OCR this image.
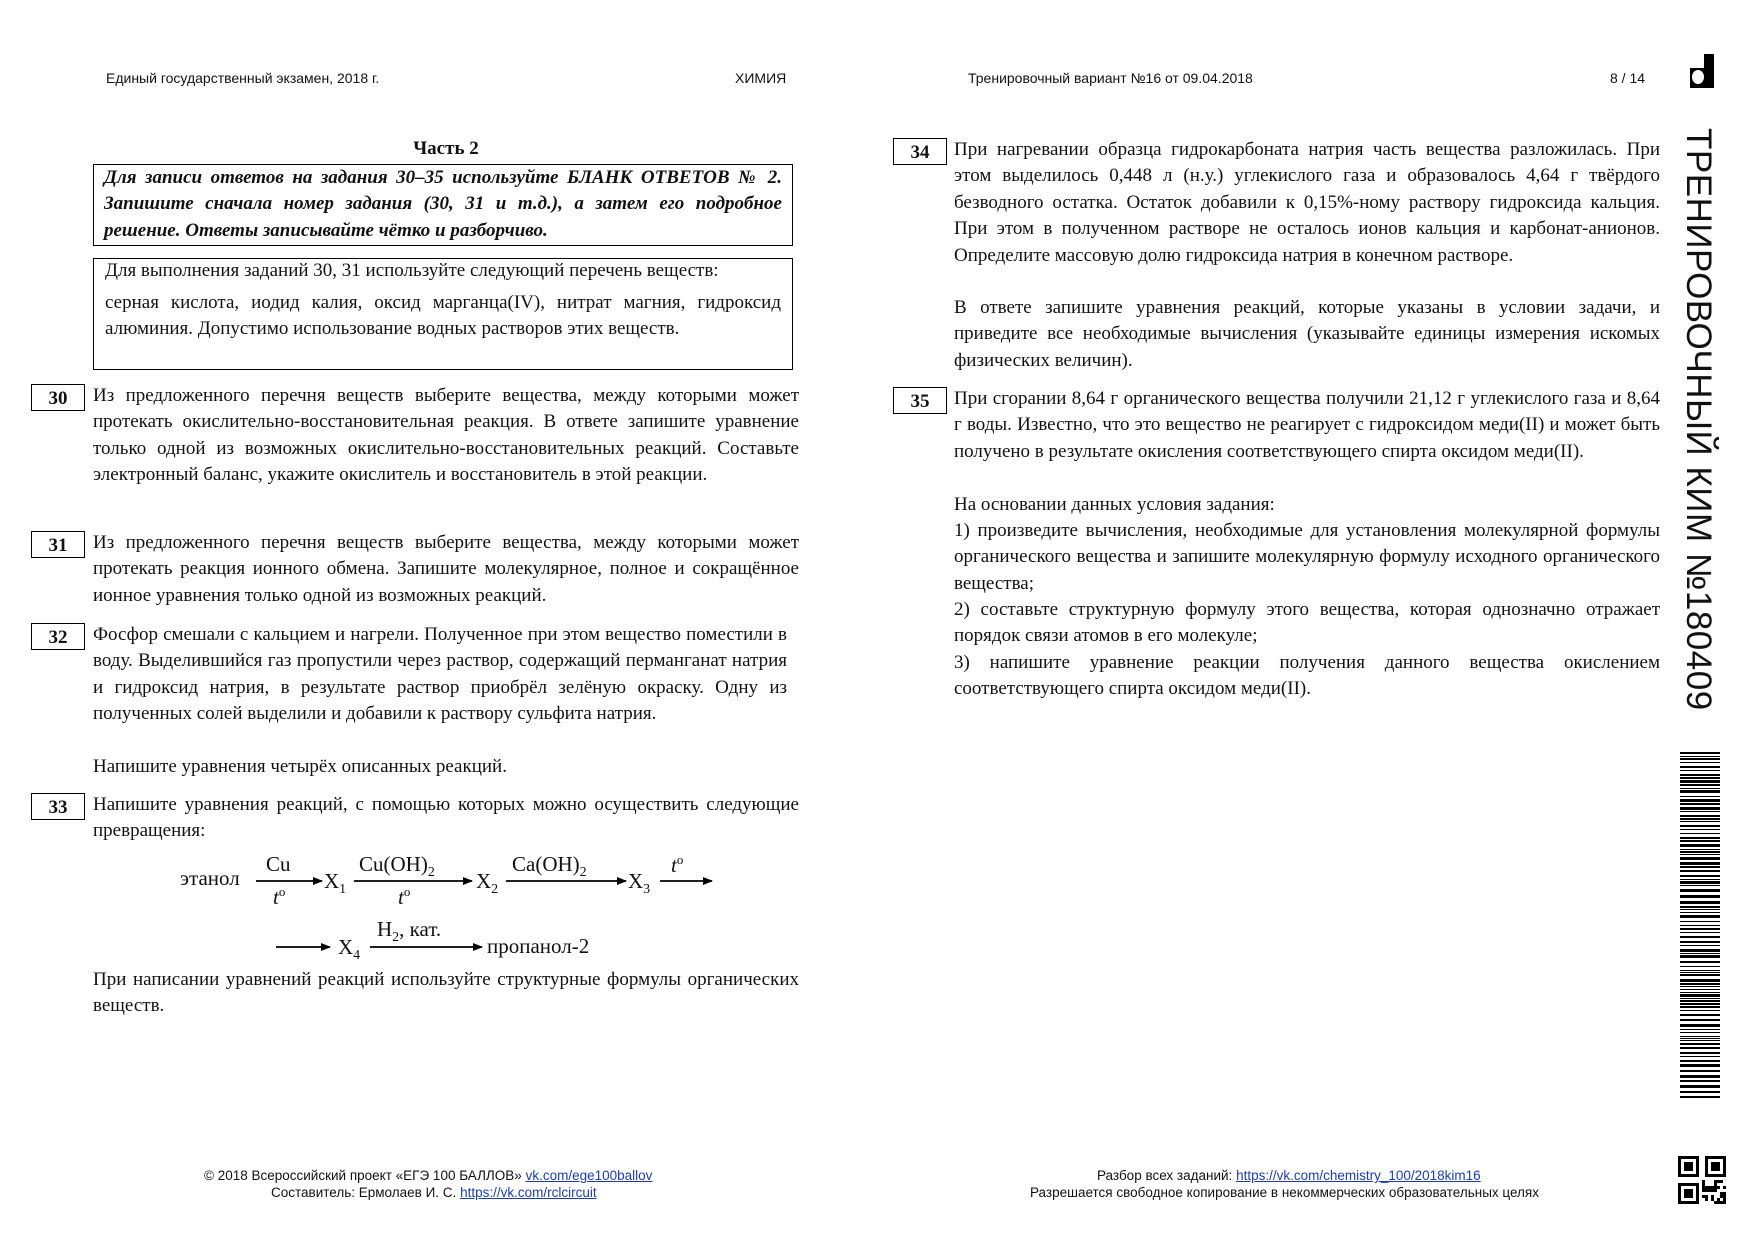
Единый государственный экзамен, 2018 г.	ХИМИЯ	Тренировочный вариант №16 от 09.04.2018	8 / 14
Часть 2

Для записи ответов на задания 30–35 используйте БЛАНК ОТВЕТОВ № 2. Запишите сначала номер задания (30, 31 и т.д.), а затем его подробное решение. Ответы записывайте чётко и разборчиво.

Для выполнения заданий 30, 31 используйте следующий перечень веществ:

серная кислота, иодид калия, оксид марганца(IV), нитрат магния, гидроксид алюминия. Допустимо использование водных растворов этих веществ.

30	Из предложенного перечня веществ выберите вещества, между которыми может протекать окислительно-восстановительная реакция. В ответе запишите уравнение только одной из возможных окислительно-восстановительных реакций. Составьте электронный баланс, укажите окислитель и восстановитель в этой реакции.

31	Из предложенного перечня веществ выберите вещества, между которыми может протекать реакция ионного обмена. Запишите молекулярное, полное и сокращённое ионное уравнения только одной из возможных реакций.

32	Фосфор смешали с кальцием и нагрели. Полученное при этом вещество поместили в воду. Выделившийся газ пропустили через раствор, содержащий перманганат натрия и гидроксид натрия, в результате раствор приобрёл зелёную окраску. Одну из полученных солей выделили и добавили к раствору сульфита натрия.

Напишите уравнения четырёх описанных реакций.

33	Напишите уравнения реакций, с помощью которых можно осуществить следующие превращения:

этанол
Cu
$t^o$ $X_1$
$Cu(OH)_2$
$t^o$	$X_2$
$Ca(OH)_2$ $X_3$
$t^o$
$X_4$
$H_2$, кат.
пропанол-2

При написании уравнений реакций используйте структурные формулы органических веществ.

34	При нагревании образца гидрокарбоната натрия часть вещества разложилась. При этом выделилось 0,448 л (н.у.) углекислого газа и образовалось 4,64 г твёрдого безводного остатка. Остаток добавили к 0,15%-ному раствору гидроксида кальция. При этом в полученном растворе не осталось ионов кальция и карбонат-анионов. Определите массовую долю гидроксида натрия в конечном растворе.

В ответе запишите уравнения реакций, которые указаны в условии задачи, и приведите все необходимые вычисления (указывайте единицы измерения искомых физических величин).

35	При сгорании 8,64 г органического вещества получили 21,12 г углекислого газа и 8,64 г воды. Известно, что это вещество не реагирует с гидроксидом меди(II) и может быть получено в результате окисления соответствующего спирта оксидом меди(II).

На основании данных условия задания:

1) произведите вычисления, необходимые для установления молекулярной формулы органического вещества и запишите молекулярную формулу исходного органического вещества;

2) составьте структурную формулу этого вещества, которая однозначно отражает порядок связи атомов в его молекуле;

3) напишите уравнение реакции получения данного вещества окислением соответствующего спирта оксидом меди(II).	ТРЕНИРОВОЧНЫЙ КИМ №180409
© 2018 Всероссийский проект «ЕГЭ 100 БАЛЛОВ» vk.com/ege100ballov
Составитель: Ермолаев И. С. https://vk.com/rclcircuit
Разбор всех заданий: https://vk.com/chemistry_100/2018kim16
Разрешается свободное копирование в некоммерческих образовательных целях
